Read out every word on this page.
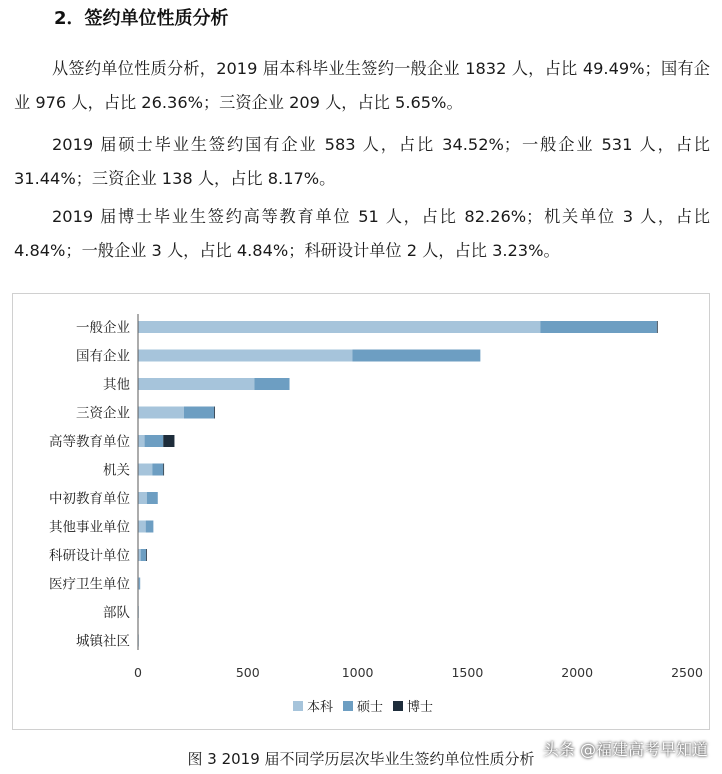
2．签约单位性质分析

从签约单位性质分析，2019 届本科毕业生签约一般企业 1832 人，占比 49.49%；国有企业 976 人，占比 26.36%；三资企业 209 人，占比 5.65%。

2019 届硕士毕业生签约国有企业 583 人，占比 34.52%；一般企业 531 人，占比 31.44%；三资企业 138 人，占比 8.17%。

2019 届博士毕业生签约高等教育单位 51 人，占比 82.26%；机关单位 3 人，占比 4.84%；一般企业 3 人，占比 4.84%；科研设计单位 2 人，占比 3.23%。

一般企业
国有企业
其他
三资企业
高等教育单位
机关
中初教育单位
其他事业单位
科研设计单位
医疗卫生单位
部队
城镇社区
0	500	1000	1500	2000	2500
本科 硕士 博士
图 3 2019 届不同学历层次毕业生签约单位性质分析 头条 @福建高考早知道
